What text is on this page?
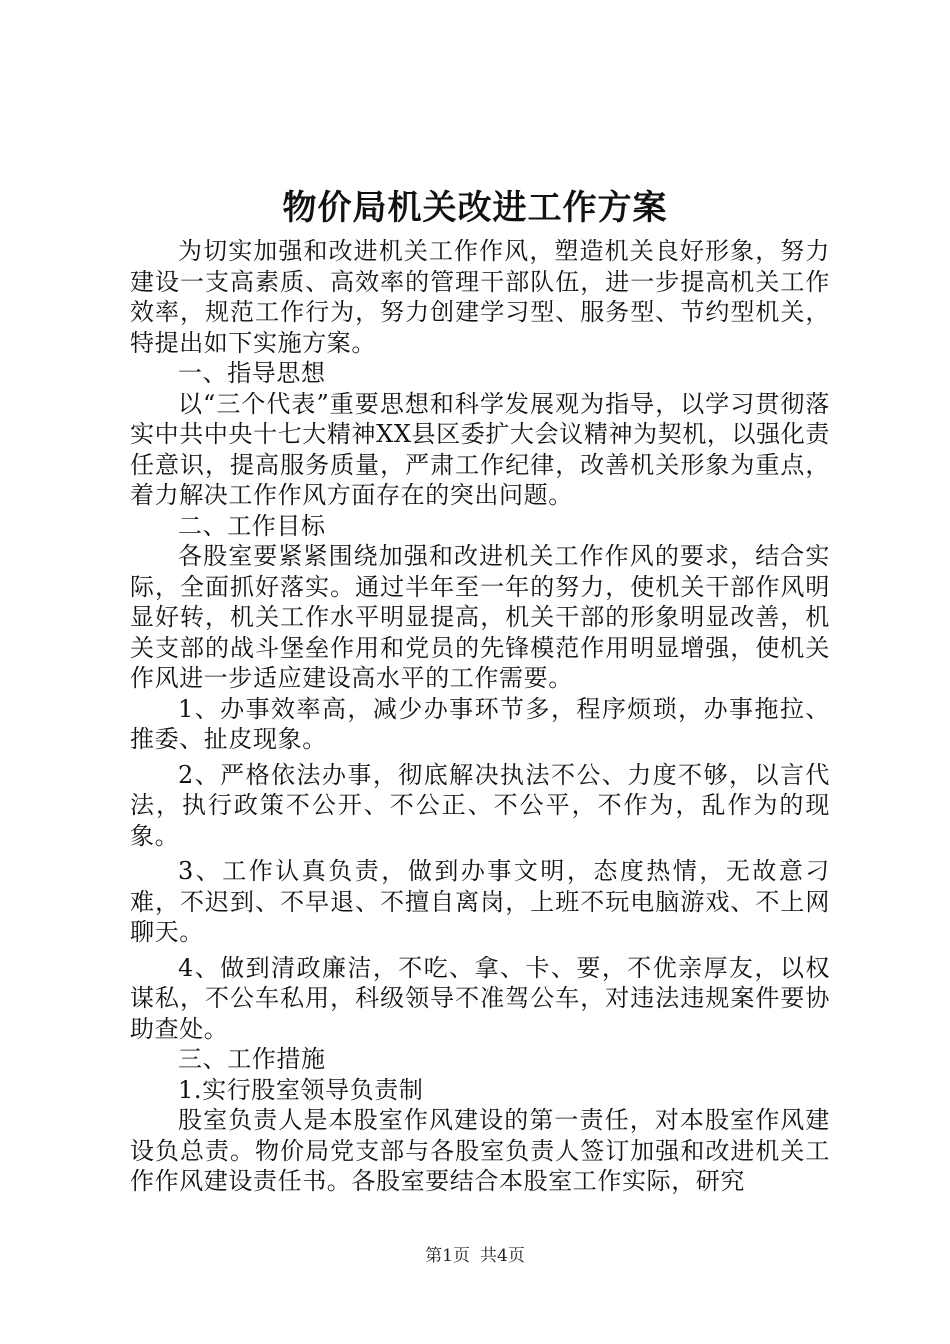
物价局机关改进工作方案

为切实加强和改进机关工作作风，塑造机关良好形象，努力建设一支高素质、高效率的管理干部队伍，进一步提高机关工作效率，规范工作行为，努力创建学习型、服务型、节约型机关，特提出如下实施方案。

一、指导思想

以“三个代表”重要思想和科学发展观为指导，以学习贯彻落实中共中央十七大精神XX县区委扩大会议精神为契机，以强化责任意识，提高服务质量，严肃工作纪律，改善机关形象为重点，着力解决工作作风方面存在的突出问题。

二、工作目标

各股室要紧紧围绕加强和改进机关工作作风的要求，结合实际，全面抓好落实。通过半年至一年的努力，使机关干部作风明显好转，机关工作水平明显提高，机关干部的形象明显改善，机关支部的战斗堡垒作用和党员的先锋模范作用明显增强，使机关作风进一步适应建设高水平的工作需要。

1、办事效率高，减少办事环节多，程序烦琐，办事拖拉、推委、扯皮现象。

2、严格依法办事，彻底解决执法不公、力度不够，以言代法，执行政策不公开、不公正、不公平，不作为，乱作为的现象。

3、工作认真负责，做到办事文明，态度热情，无故意刁难，不迟到、不早退、不擅自离岗，上班不玩电脑游戏、不上网聊天。

4、做到清政廉洁，不吃、拿、卡、要，不优亲厚友，以权谋私，不公车私用，科级领导不准驾公车，对违法违规案件要协助查处。

三、工作措施

1.实行股室领导负责制

股室负责人是本股室作风建设的第一责任，对本股室作风建设负总责。物价局党支部与各股室负责人签订加强和改进机关工作作风建设责任书。各股室要结合本股室工作实际，研究

第1页 共4页
